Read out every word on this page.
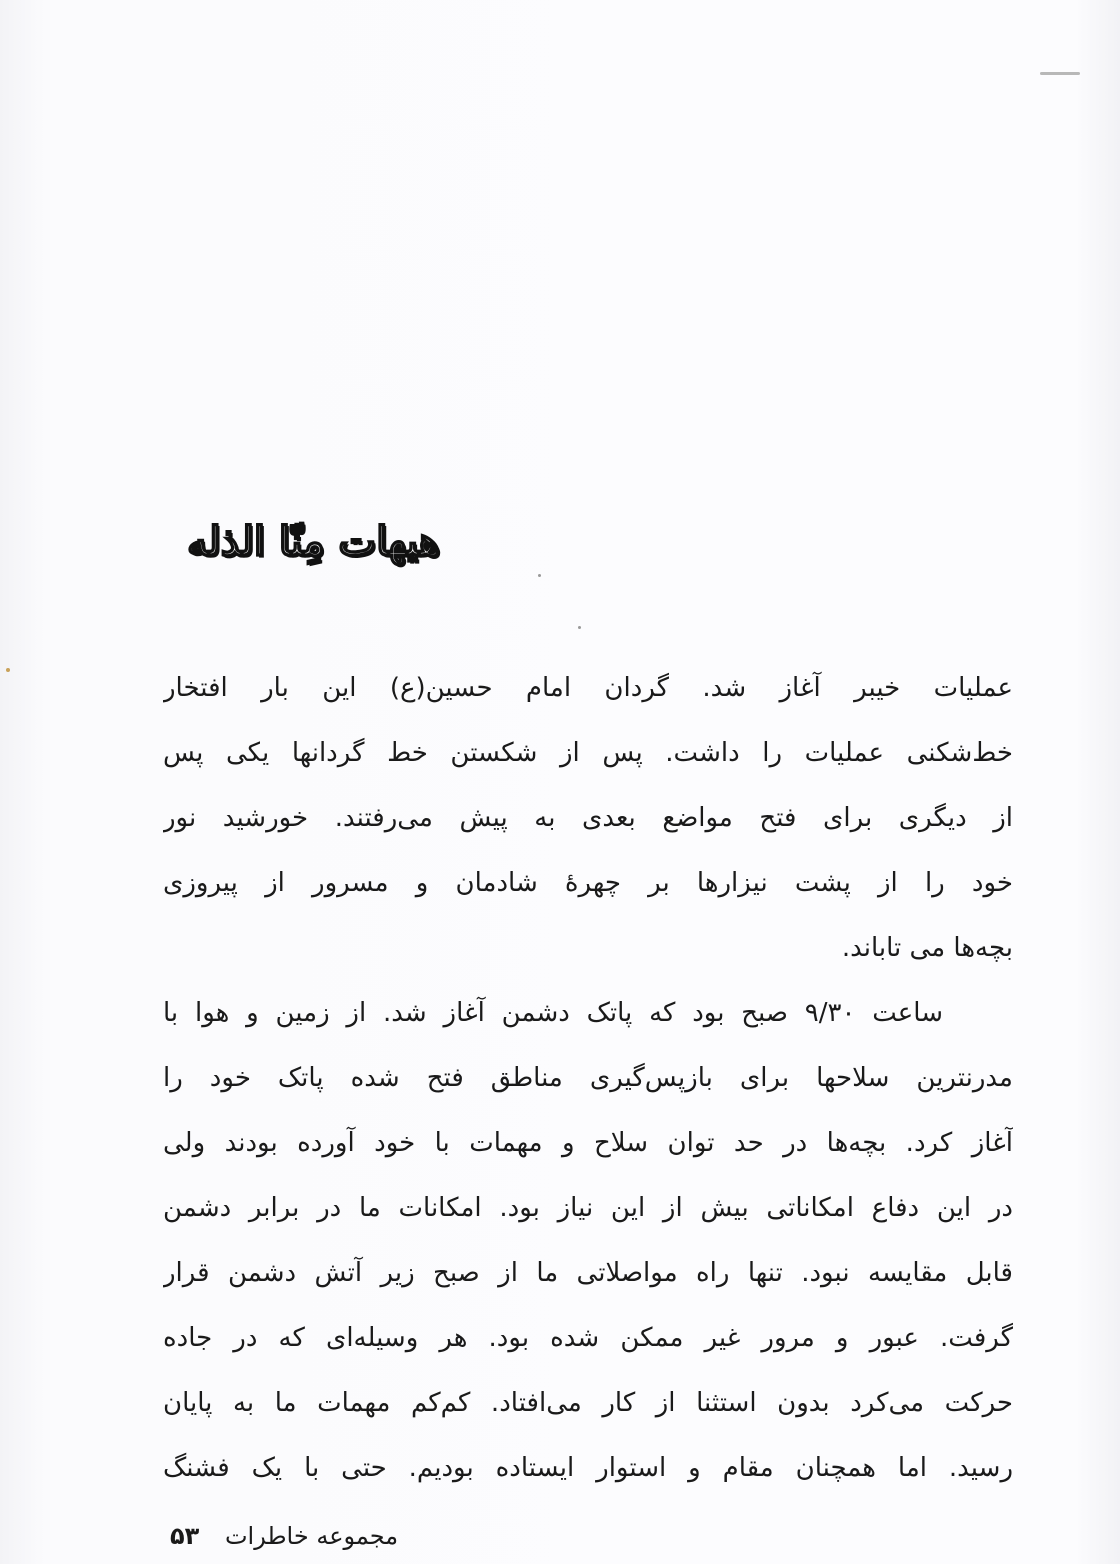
هیهات مِنّا الذله
عملیات خیبر آغاز شد. گردان امام حسین(ع) این بار افتخار
خط‌شکنی عملیات را داشت. پس از شکستن خط گردانها یکی پس
از دیگری برای فتح مواضع بعدی به پیش می‌رفتند. خورشید نور
خود را از پشت نیزارها بر چهرهٔ شادمان و مسرور از پیروزی
بچه‌ها می تاباند.
ساعت ۹/۳۰ صبح بود که پاتک دشمن آغاز شد. از زمین و هوا با
مدرنترین سلاحها برای بازپس‌گیری مناطق فتح شده پاتک خود را
آغاز کرد. بچه‌ها در حد توان سلاح و مهمات با خود آورده بودند ولی
در این دفاع امکاناتی بیش از این نیاز بود. امکانات ما در برابر دشمن
قابل مقایسه نبود. تنها راه مواصلاتی ما از صبح زیر آتش دشمن قرار
گرفت. عبور و مرور غیر ممکن شده بود. هر وسیله‌ای که در جاده
حرکت می‌کرد بدون استثنا از کار می‌افتاد. کم‌کم مهمات ما به پایان
رسید. اما همچنان مقام و استوار ایستاده بودیم. حتی با یک فشنگ
مجموعه خاطرات ۵۳
